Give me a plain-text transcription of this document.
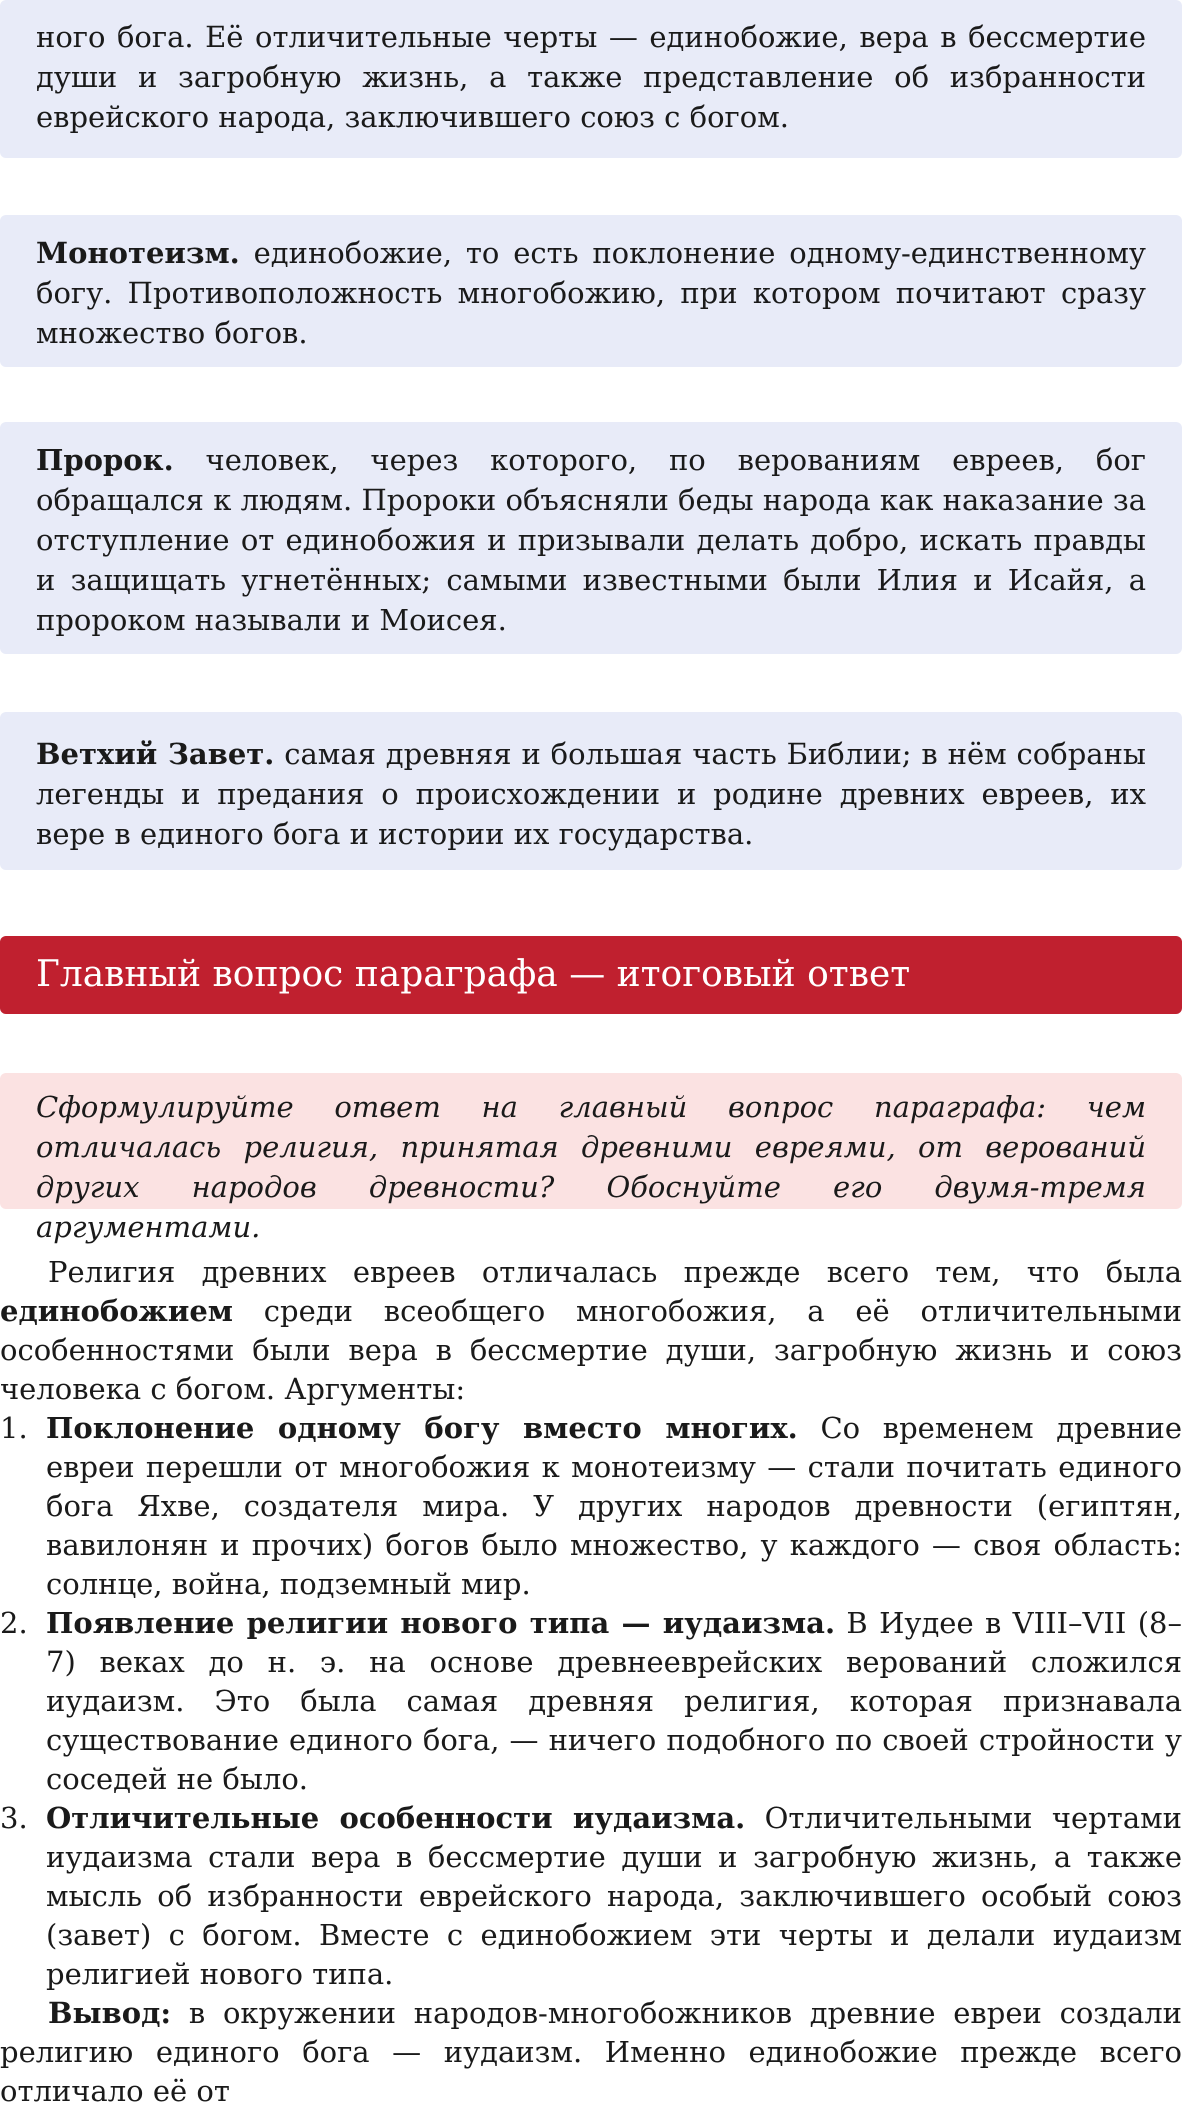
ного бога. Её отличительные черты — единобожие, вера в бессмертие души и загробную жизнь, а также представление об избранности еврейского народа, заключившего союз с богом.
Монотеизм. единобожие, то есть поклонение одному-единственному богу. Противоположность многобожию, при котором почитают сразу множество богов.
Пророк. человек, через которого, по верованиям евреев, бог обращался к людям. Пророки объясняли беды народа как наказание за отступление от единобожия и призывали делать добро, искать правды и защищать угнетённых; самыми известными были Илия и Исайя, а пророком называли и Моисея.
Ветхий Завет. самая древняя и большая часть Библии; в нём собраны легенды и предания о происхождении и родине древних евреев, их вере в единого бога и истории их государства.
Главный вопрос параграфа — итоговый ответ
Сформулируйте ответ на главный вопрос параграфа: чем отличалась религия, принятая древними евреями, от верований других народов древности? Обоснуйте его двумя-тремя аргументами.

Религия древних евреев отличалась прежде всего тем, что была единобожием среди всеобщего многобожия, а её отличительными особенностями были вера в бессмертие души, загробную жизнь и союз человека с богом. Аргументы:

1. Поклонение одному богу вместо многих. Со временем древние евреи перешли от многобожия к монотеизму — стали почитать единого бога Яхве, создателя мира. У других народов древности (египтян, вавилонян и прочих) богов было множество, у каждого — своя область: солнце, война, подземный мир.
2. Появление религии нового типа — иудаизма. В Иудее в VIII–VII (8–7) веках до н. э. на основе древнееврейских верований сложился иудаизм. Это была самая древняя религия, которая признавала существование единого бога, — ничего подобного по своей стройности у соседей не было.
3. Отличительные особенности иудаизма. Отличительными чертами иудаизма стали вера в бессмертие души и загробную жизнь, а также мысль об избранности еврейского народа, заключившего особый союз (завет) с богом. Вместе с единобожием эти черты и делали иудаизм религией нового типа.

Вывод: в окружении народов-многобожников древние евреи создали религию единого бога — иудаизм. Именно единобожие прежде всего отличало её от
